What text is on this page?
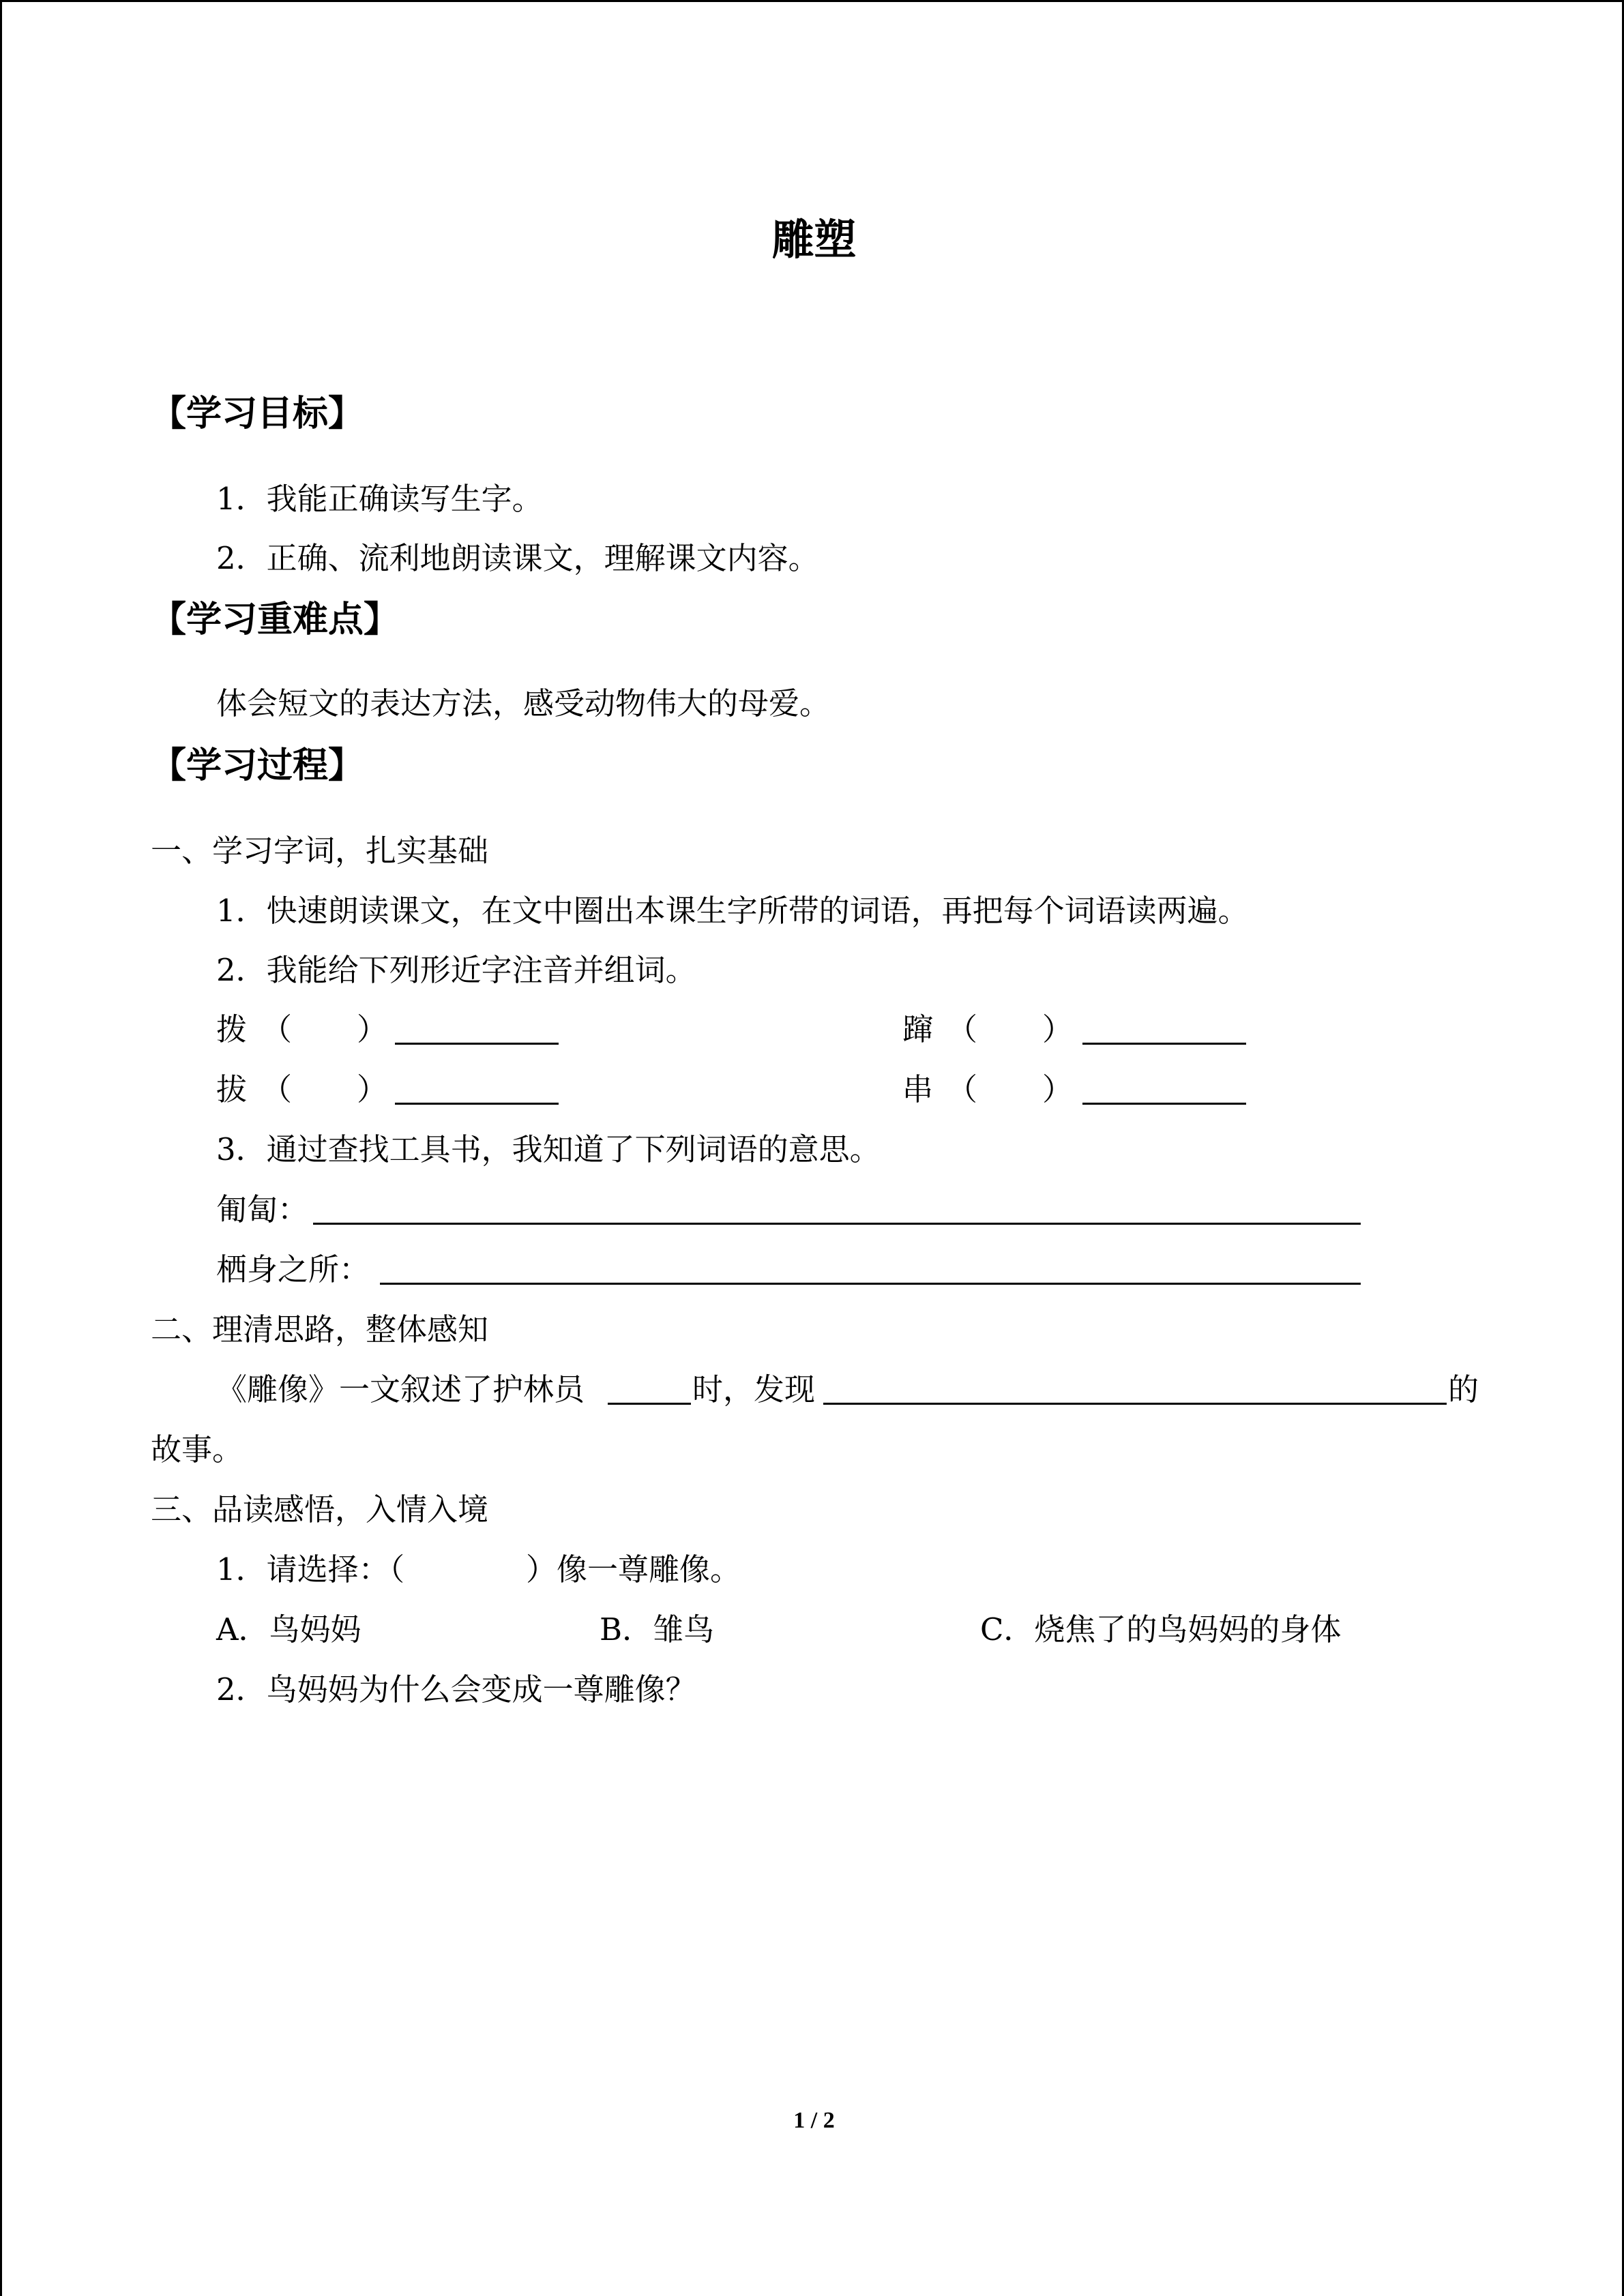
雕塑
【学习目标】
1．我能正确读写生字。
2．正确、流利地朗读课文，理解课文内容。
【学习重难点】
体会短文的表达方法，感受动物伟大的母爱。
【学习过程】
一、学习字词，扎实基础
1．快速朗读课文，在文中圈出本课生字所带的词语，再把每个词语读两遍。
2．我能给下列形近字注音并组词。
拨 （ ）	蹿 （ ）
拔 （ ）	串 （ ）
3．通过查找工具书，我知道了下列词语的意思。
匍匐：
栖身之所：
二、理清思路，整体感知
《雕像》一文叙述了护林员	时，发现	的
故事。
三、品读感悟，入情入境
1．请选择：（	）像一尊雕像。
A．鸟妈妈	B．雏鸟	C．烧焦了的鸟妈妈的身体
2．鸟妈妈为什么会变成一尊雕像？
1 / 2
